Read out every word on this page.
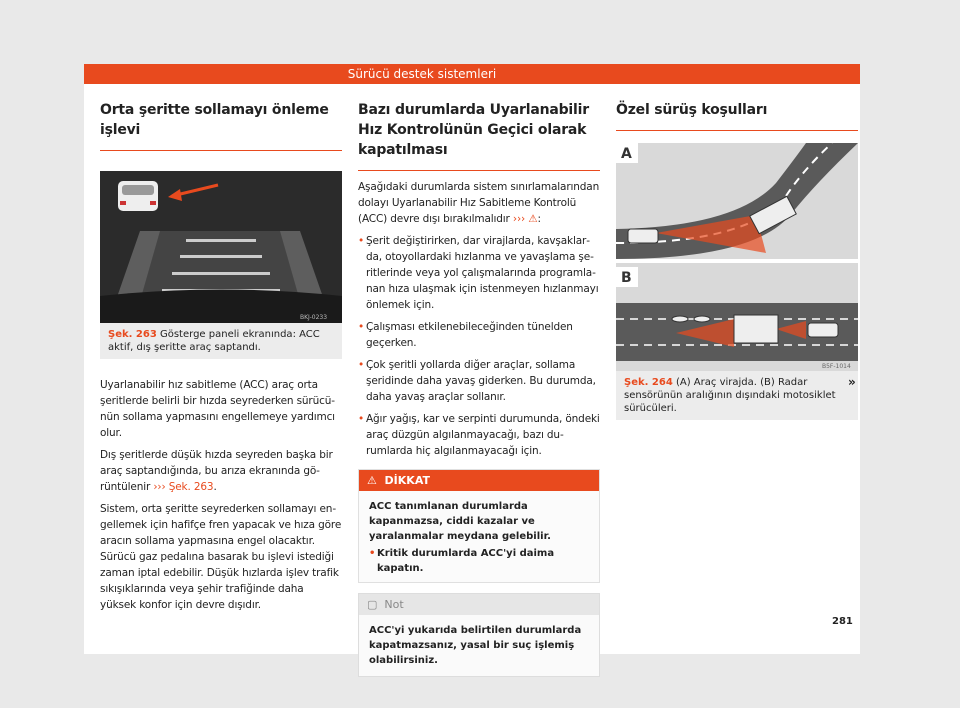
Sürücü destek sistemleri
Orta şeritte sollamayı önleme işlevi
BKJ-0233
Şek. 263 Gösterge paneli ekranında: ACC aktif, dış şeritte araç saptandı.

Uyarlanabilir hız sabitleme (ACC) araç orta şeritlerde belirli bir hızda seyrederken sürücünün sollama yapmasını engellemeye yardımcı olur.

Dış şeritlerde düşük hızda seyreden başka bir araç saptandığında, bu arıza ekranında görüntülenir ››› Şek. 263.

Sistem, orta şeritte seyrederken sollamayı engellemek için hafifçe fren yapacak ve hıza göre aracın sollama yapmasına engel olacaktır. Sürücü gaz pedalına basarak bu işlevi istediği zaman iptal edebilir. Düşük hızlarda işlev trafik sıkışıklarında veya şehir trafiğinde daha yüksek konfor için devre dışıdır.

Bazı durumlarda Uyarlanabilir Hız Kontrolünün Geçici olarak kapatılması

Aşağıdaki durumlarda sistem sınırlamalarından dolayı Uyarlanabilir Hız Sabitleme Kontrolü (ACC) devre dışı bırakılmalıdır ››› ⚠:

• Şerit değiştirirken, dar virajlarda, kavşaklarda, otoyollardaki hızlanma ve yavaşlama şeritlerinde veya yol çalışmalarında programlanan hıza ulaşmak için istenmeyen hızlanmayı önlemek için.

• Çalışması etkilenebileceğinden tünelden geçerken.

• Çok şeritli yollarda diğer araçlar, sollama şeridinde daha yavaş giderken. Bu durumda, daha yavaş araçlar sollanır.

• Ağır yağış, kar ve serpinti durumunda, öndeki araç düzgün algılanmayacağı, bazı durumlarda hiç algılanmayacağı için.

⚠ DİKKAT
ACC tanımlanan durumlarda kapanmazsa, ciddi kazalar ve yaralanmalar meydana gelebilir.
• Kritik durumlarda ACC'yi daima kapatın.
▢ Not
ACC'yi yukarıda belirtilen durumlarda kapatmazsanız, yasal bir suç işlemiş olabilirsiniz.
Özel sürüş koşulları
A
B
B5F-1014
Şek. 264 (A) Araç virajda. (B) Radar sensörünün aralığının dışındaki motosiklet sürücüleri.
»
281
